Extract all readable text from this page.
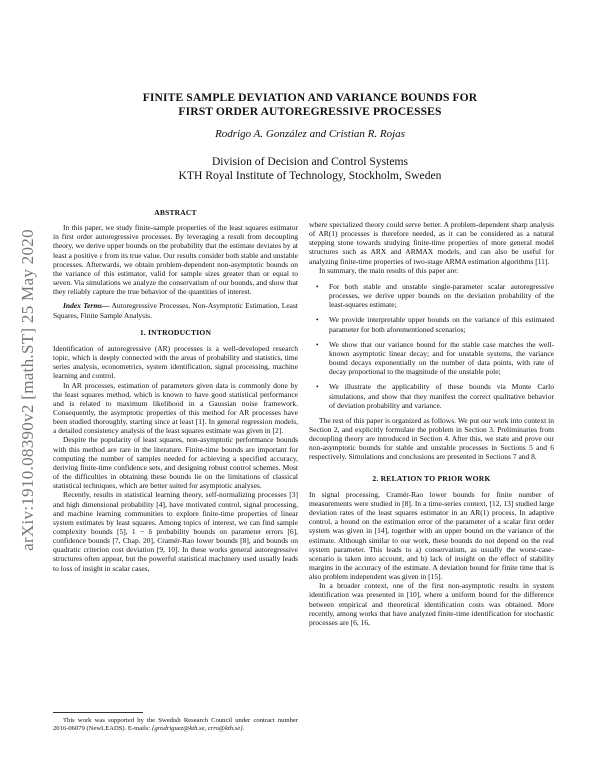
arXiv:1910.08390v2 [math.ST] 25 May 2020
FINITE SAMPLE DEVIATION AND VARIANCE BOUNDS FOR
FIRST ORDER AUTOREGRESSIVE PROCESSES
Rodrigo A. González and Cristian R. Rojas
Division of Decision and Control Systems
KTH Royal Institute of Technology, Stockholm, Sweden
ABSTRACT

In this paper, we study finite-sample properties of the least squares estimator in first order autoregressive processes. By leveraging a result from decoupling theory, we derive upper bounds on the probability that the estimate deviates by at least a positive ε from its true value. Our results consider both stable and unstable processes. Afterwards, we obtain problem-dependent non-asymptotic bounds on the variance of this estimator, valid for sample sizes greater than or equal to seven. Via simulations we analyze the conservatism of our bounds, and show that they reliably capture the true behavior of the quantities of interest.

Index Terms— Autoregressive Processes, Non-Asymptotic Estimation, Least Squares, Finite Sample Analysis.

1. INTRODUCTION

Identification of autoregressive (AR) processes is a well-developed research topic, which is deeply connected with the areas of probability and statistics, time series analysis, econometrics, system identification, signal processing, machine learning and control.

In AR processes, estimation of parameters given data is commonly done by the least squares method, which is known to have good statistical performance and is related to maximum likelihood in a Gaussian noise framework. Consequently, the asymptotic properties of this method for AR processes have been studied thoroughly, starting since at least [1]. In general regression models, a detailed consistency analysis of the least squares estimate was given in [2].

Despite the popularity of least squares, non-asymptotic performance bounds with this method are rare in the literature. Finite-time bounds are important for computing the number of samples needed for achieving a specified accuracy, deriving finite-time confidence sets, and designing robust control schemes. Most of the difficulties in obtaining these bounds lie on the limitations of classical statistical techniques, which are better suited for asymptotic analyses.

Recently, results in statistical learning theory, self-normalizing processes [3] and high dimensional probability [4], have motivated control, signal processing, and machine learning communities to explore finite-time properties of linear system estimates by least squares. Among topics of interest, we can find sample complexity bounds [5], 1 − δ probability bounds on parameter errors [6], confidence bounds [7, Chap. 20], Cramér-Rao lower bounds [8], and bounds on quadratic criterion cost deviation [9, 10]. In these works general autoregressive structures often appear, but the powerful statistical machinery used usually leads to loss of insight in scalar cases,

This work was supported by the Swedish Research Council under contract number 2016-06079 (NewLEADS). E-mails: {grodriguez@kth.se, crro@kth.se}.

where specialized theory could serve better. A problem-dependent sharp analysis of AR(1) processes is therefore needed, as it can be considered as a natural stepping stone towards studying finite-time properties of more general model structures such as ARX and ARMAX models, and can also be useful for analyzing finite-time properties of two-stage ARMA estimation algorithms [11].

In summary, the main results of this paper are:

• For both stable and unstable single-parameter scalar autoregressive processes, we derive upper bounds on the deviation probability of the least-squares estimate;
• We provide interpretable upper bounds on the variance of this estimated parameter for both aforementioned scenarios;
• We show that our variance bound for the stable case matches the well-known asymptotic linear decay; and for unstable systems, the variance bound decays exponentially on the number of data points, with rate of decay proportional to the magnitude of the unstable pole;
• We illustrate the applicability of these bounds via Monte Carlo simulations, and show that they manifest the correct qualitative behavior of deviation probability and variance.

The rest of this paper is organized as follows. We put our work into context in Section 2, and explicitly formulate the problem in Section 3. Preliminaries from decoupling theory are introduced in Section 4. After this, we state and prove our non-asymptotic bounds for stable and unstable processes in Sections 5 and 6 respectively. Simulations and conclusions are presented in Sections 7 and 8.

2. RELATION TO PRIOR WORK

In signal processing, Cramér-Rao lower bounds for finite number of measurements were studied in [8]. In a time-series context, [12, 13] studied large deviation rates of the least squares estimator in an AR(1) process. In adaptive control, a bound on the estimation error of the parameter of a scalar first order system was given in [14], together with an upper bound on the variance of the estimate. Although similar to our work, these bounds do not depend on the real system parameter. This leads to a) conservatism, as usually the worst-case-scenario is taken into account, and b) lack of insight on the effect of stability margins in the accuracy of the estimate. A deviation bound for finite time that is also problem independent was given in [15].

In a broader context, one of the first non-asymptotic results in system identification was presented in [10], where a uniform bound for the difference between empirical and theoretical identification costs was obtained. More recently, among works that have analyzed finite-time identification for stochastic processes are [6, 16,
